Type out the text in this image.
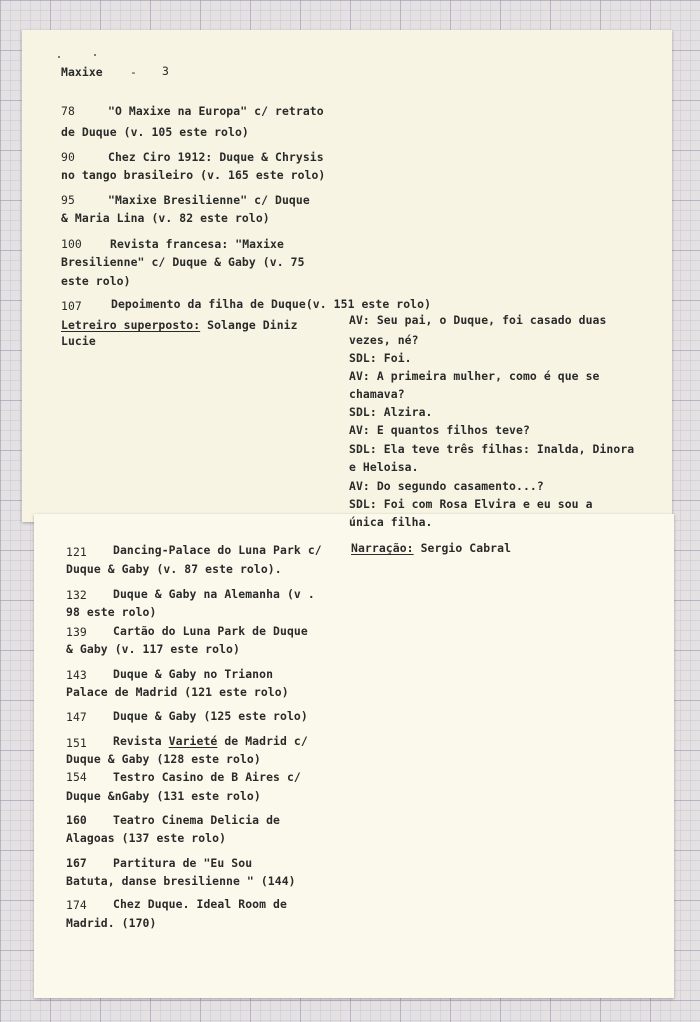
Maxixe - 3
78	"O Maxixe na Europa" c/ retrato
de Duque (v. 105 este rolo)
90	Chez Ciro 1912: Duque & Chrysis
no tango brasileiro (v. 165 este rolo)
95	"Maxixe Bresilienne" c/ Duque
& Maria Lina (v. 82 este rolo)
100 Revista francesa: "Maxixe
Bresilienne" c/ Duque & Gaby (v. 75
este rolo)
107	Depoimento da filha de Duque(v. 151 este rolo)
Letreiro superposto: Solange Diniz
Lucie
AV: Seu pai, o Duque, foi casado duas
vezes, né?
SDL: Foi.
AV: A primeira mulher, como é que se
chamava?
SDL: Alzira.
AV: E quantos filhos teve?
SDL: Ela teve três filhas: Inalda, Dinora
e Heloisa.
AV: Do segundo casamento...?
SDL: Foi com Rosa Elvira e eu sou a
única filha.
Narração: Sergio Cabral
121 Dancing-Palace do Luna Park c/
Duque & Gaby (v. 87 este rolo).
132 Duque & Gaby na Alemanha (v .
98 este rolo)
139 Cartão do Luna Park de Duque
& Gaby (v. 117 este rolo)
143 Duque & Gaby no Trianon
Palace de Madrid (121 este rolo)
147 Duque & Gaby (125 este rolo)
151 Revista Varieté de Madrid c/
Duque & Gaby (128 este rolo)
154 Testro Casino de B Aires c/
Duque &nGaby (131 este rolo)
160 Teatro Cinema Delicia de
Alagoas (137 este rolo)
167 Partitura de "Eu Sou
Batuta, danse bresilienne " (144)
174 Chez Duque. Ideal Room de
Madrid. (170)
